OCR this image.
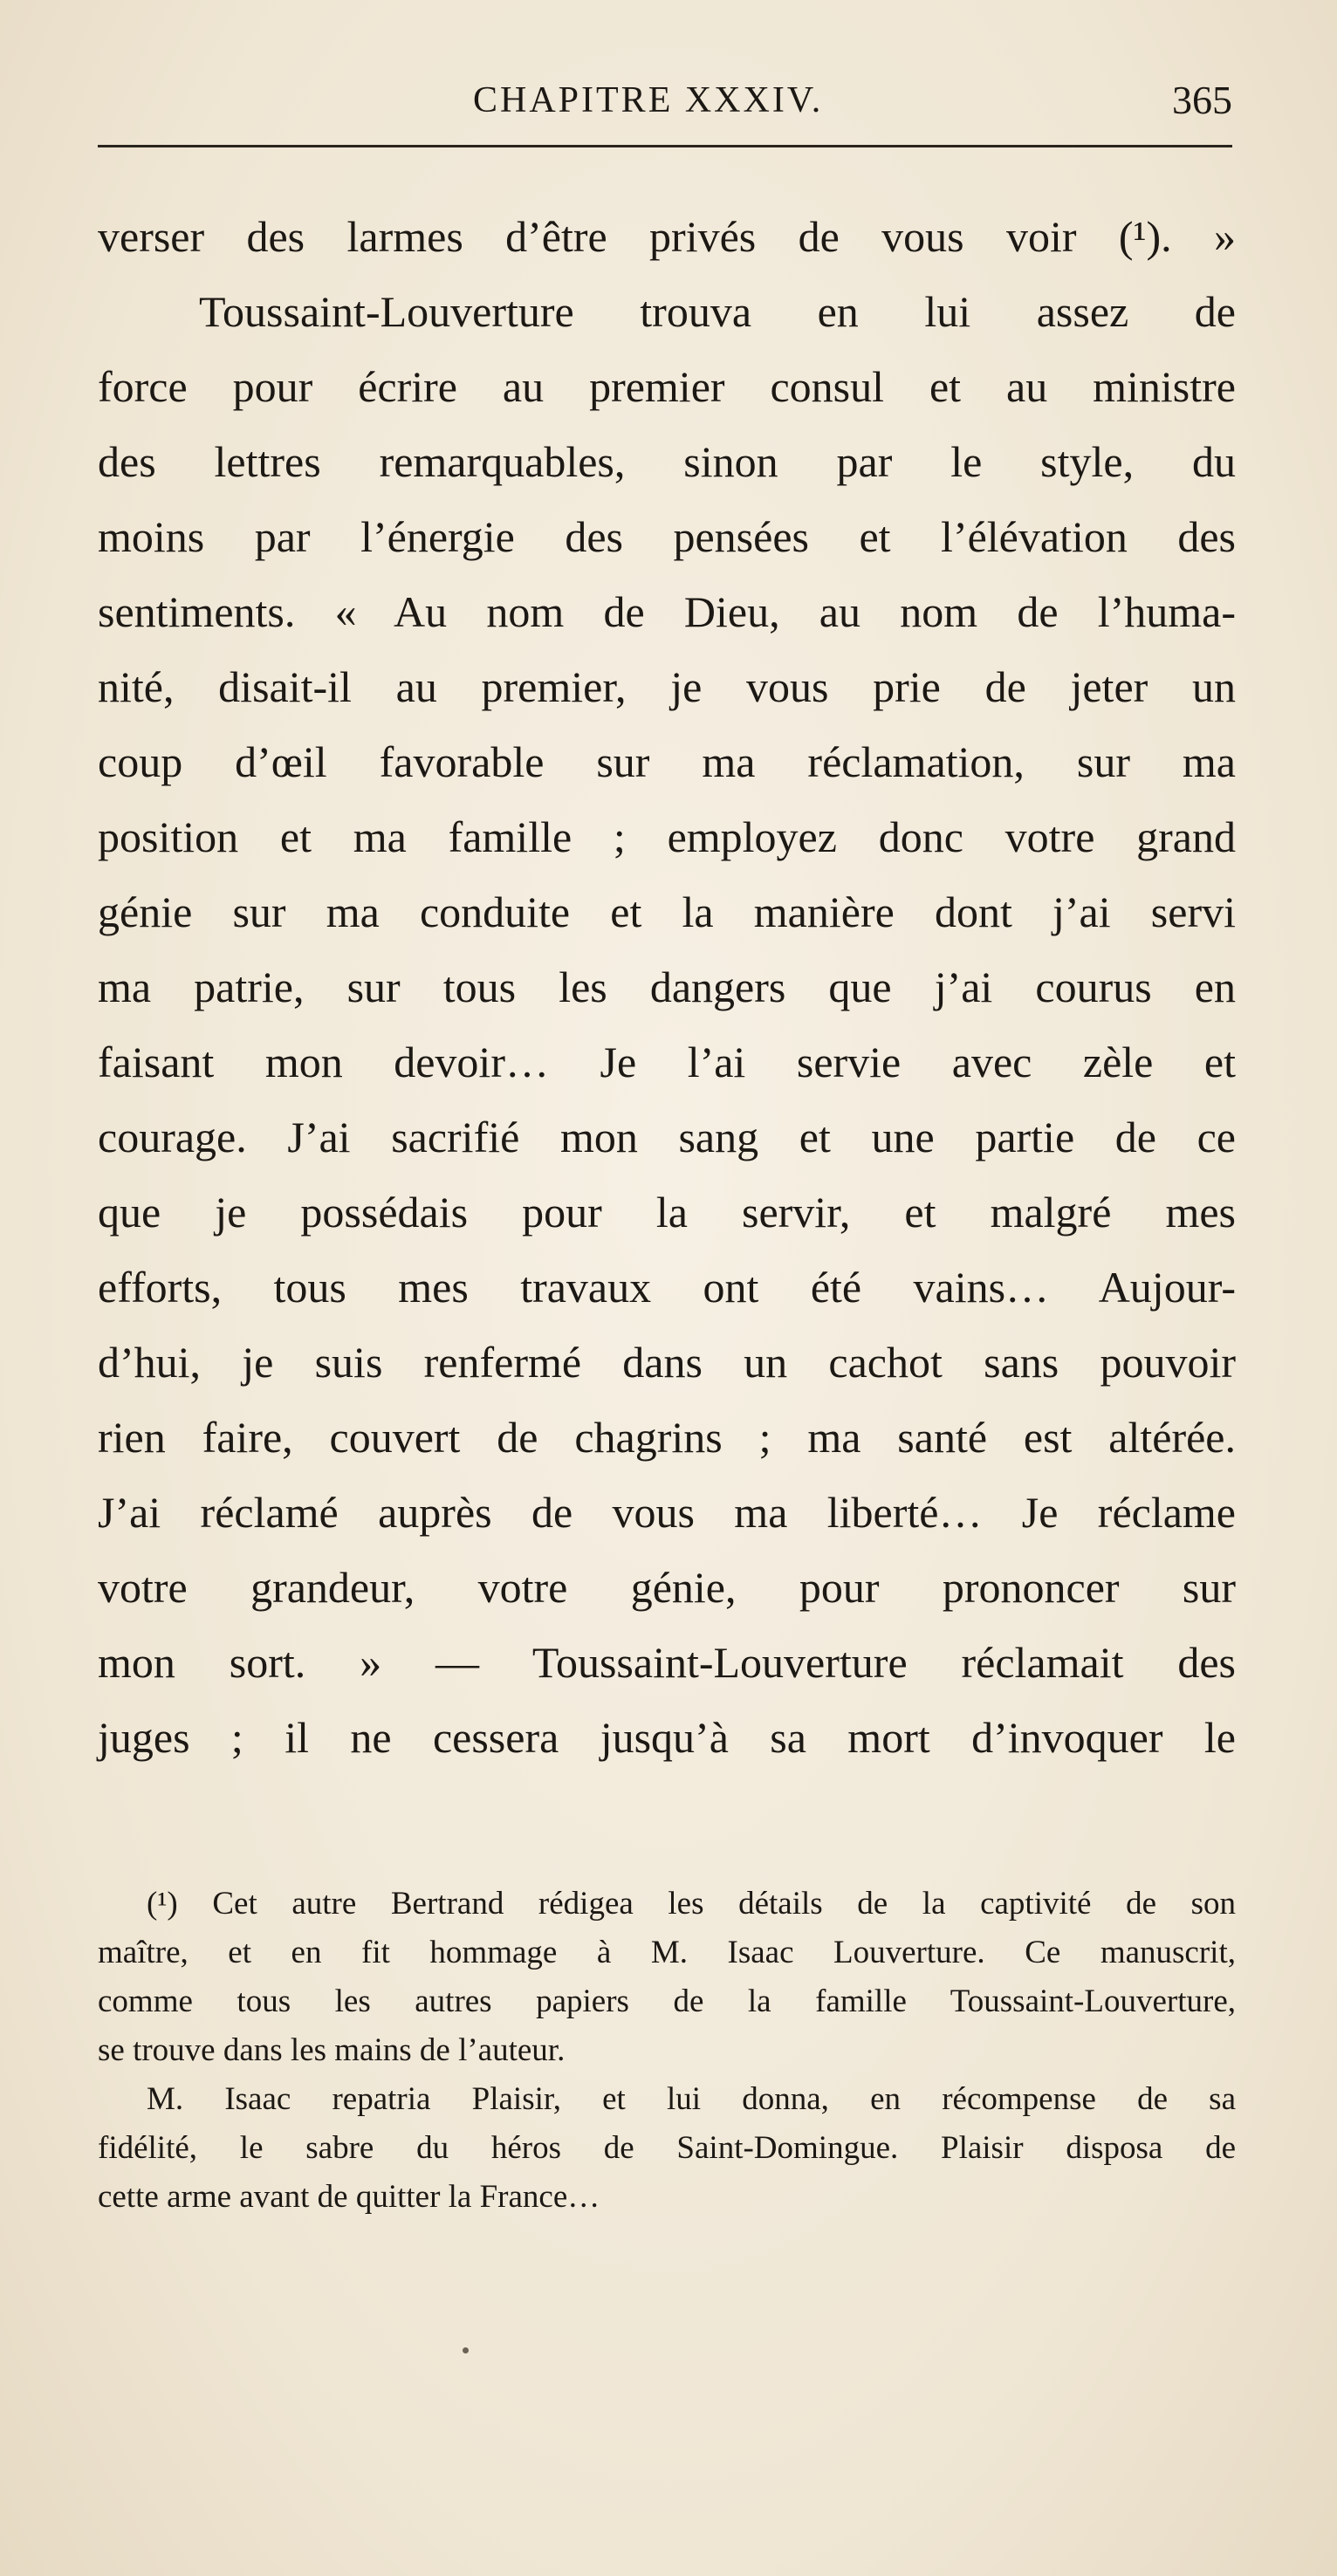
CHAPITRE XXXIV.	365
verser des larmes d’être privés de vous voir (¹). »
Toussaint-Louverture trouva en lui assez de
force pour écrire au premier consul et au ministre
des lettres remarquables, sinon par le style, du
moins par l’énergie des pensées et l’élévation des
sentiments. « Au nom de Dieu, au nom de l’huma-
nité, disait-il au premier, je vous prie de jeter un
coup d’œil favorable sur ma réclamation, sur ma
position et ma famille ; employez donc votre grand
génie sur ma conduite et la manière dont j’ai servi
ma patrie, sur tous les dangers que j’ai courus en
faisant mon devoir… Je l’ai servie avec zèle et
courage. J’ai sacrifié mon sang et une partie de ce
que je possédais pour la servir, et malgré mes
efforts, tous mes travaux ont été vains… Aujour-
d’hui, je suis renfermé dans un cachot sans pouvoir
rien faire, couvert de chagrins ; ma santé est altérée.
J’ai réclamé auprès de vous ma liberté… Je réclame
votre grandeur, votre génie, pour prononcer sur
mon sort. » — Toussaint-Louverture réclamait des
juges ; il ne cessera jusqu’à sa mort d’invoquer le
(¹) Cet autre Bertrand rédigea les détails de la captivité de son
maître, et en fit hommage à M. Isaac Louverture. Ce manuscrit,
comme tous les autres papiers de la famille Toussaint-Louverture,
se trouve dans les mains de l’auteur.
M. Isaac repatria Plaisir, et lui donna, en récompense de sa
fidélité, le sabre du héros de Saint-Domingue. Plaisir disposa de
cette arme avant de quitter la France…
